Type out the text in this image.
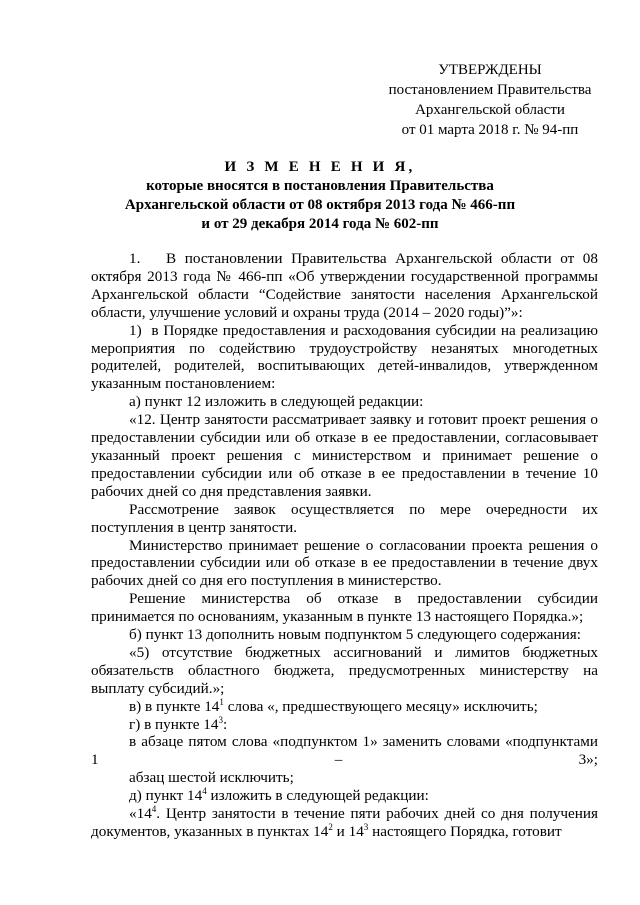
УТВЕРЖДЕНЫ
постановлением Правительства
Архангельской области
от 01 марта 2018 г. № 94-пп
И З М Е Н Е Н И Я,
которые вносятся в постановления Правительства
Архангельской области от 08 октября 2013 года № 466-пп
и от 29 декабря 2014 года № 602-пп

1.   В постановлении Правительства Архангельской области от 08 октября 2013 года № 466-пп «Об утверждении государственной программы Архангельской области “Содействие занятости населения Архангельской области, улучшение условий и охраны труда (2014 – 2020 годы)”»:

1)  в Порядке предоставления и расходования субсидии на реализацию мероприятия по содействию трудоустройству незанятых многодетных родителей, родителей, воспитывающих детей-инвалидов, утвержденном указанным постановлением:

а) пункт 12 изложить в следующей редакции:

«12. Центр занятости рассматривает заявку и готовит проект решения о предоставлении субсидии или об отказе в ее предоставлении, согласовывает указанный проект решения с министерством и принимает решение о предоставлении субсидии или об отказе в ее предоставлении в течение 10 рабочих дней со дня представления заявки.

Рассмотрение заявок осуществляется по мере очередности их поступления в центр занятости.

Министерство принимает решение о согласовании проекта решения о предоставлении субсидии или об отказе в ее предоставлении в течение двух рабочих дней со дня его поступления в министерство.

Решение министерства об отказе в предоставлении субсидии принимается по основаниям, указанным в пункте 13 настоящего Порядка.»;

б) пункт 13 дополнить новым подпунктом 5 следующего содержания:

«5) отсутствие бюджетных ассигнований и лимитов бюджетных обязательств областного бюджета, предусмотренных министерству на выплату субсидий.»;

в) в пункте $14^1$ слова «, предшествующего месяцу» исключить;

г) в пункте $14^3$:

в абзаце пятом слова «подпунктом 1» заменить словами «подпунктами 1 – 3»;

абзац шестой исключить;

д) пункт $14^4$ изложить в следующей редакции:

«$14^4$. Центр занятости в течение пяти рабочих дней со дня получения документов, указанных в пунктах $14^2$ и $14^3$ настоящего Порядка, готовит
